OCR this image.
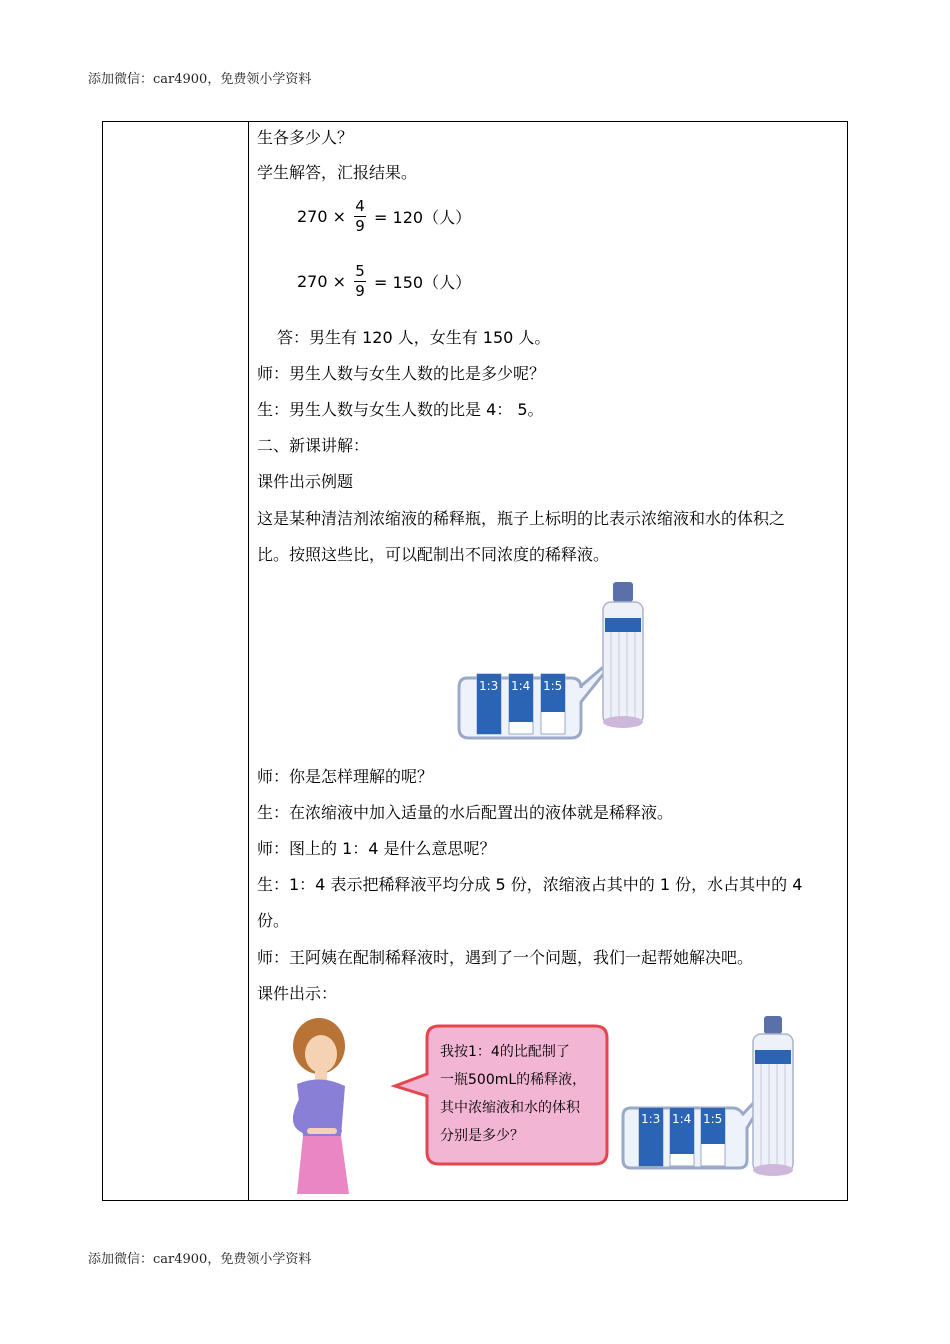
添加微信：car4900，免费领小学资料
生各多少人？
学生解答，汇报结果。
$270 \times \frac{4}{9} = 120$（人）
$270 \times \frac{5}{9} = 150$（人）
答：男生有 120 人，女生有 150 人。
师：男生人数与女生人数的比是多少呢？
生：男生人数与女生人数的比是 4： 5。
二、新课讲解：
课件出示例题
这是某种清洁剂浓缩液的稀释瓶，瓶子上标明的比表示浓缩液和水的体积之
比。按照这些比，可以配制出不同浓度的稀释液。
1:3 1:4 1:5
师：你是怎样理解的呢？
生：在浓缩液中加入适量的水后配置出的液体就是稀释液。
师：图上的 1：4 是什么意思呢？
生：1：4 表示把稀释液平均分成 5 份，浓缩液占其中的 1 份，水占其中的 4
份。
师：王阿姨在配制稀释液时，遇到了一个问题，我们一起帮她解决吧。
课件出示：
我按1：4的比配制了
一瓶500mL的稀释液，
其中浓缩液和水的体积
分别是多少？
1:3 1:4 1:5
添加微信：car4900，免费领小学资料
